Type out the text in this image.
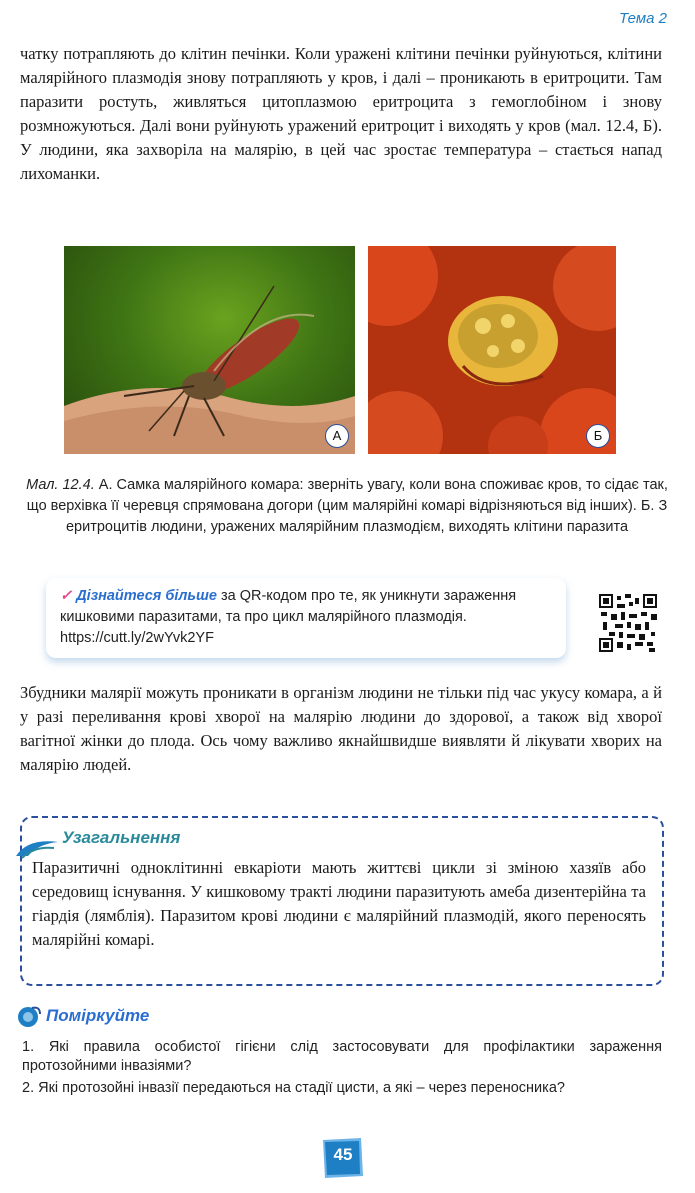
Тема 2
чатку потрапляють до клітин печінки. Коли уражені клітини печінки руйнуються, клітини малярійного плазмодія знову потрапляють у кров, і далі – проникають в еритроцити. Там паразити ростуть, живляться цитоплазмою еритроцита з гемоглобіном і знову розмножуються. Далі вони руйнують уражений еритроцит і виходять у кров (мал. 12.4, Б). У людини, яка захворіла на малярію, в цей час зростає температура – стається напад лихоманки.
А	Б
Мал. 12.4. А. Самка малярійного комара: зверніть увагу, коли вона споживає кров, то сідає так, що верхівка її черевця спрямована догори (цим малярійні комарі відрізняються від інших). Б. З еритроцитів людини, уражених малярійним плазмодієм, виходять клітини паразита
✓ Дізнайтеся більше за QR-кодом про те, як уникнути зараження кишковими паразитами, та про цикл малярійного плазмодія. https://cutt.ly/2wYvk2YF
Збудники малярії можуть проникати в організм людини не тільки під час укусу комара, а й у разі переливання крові хворої на малярію людини до здорової, а також від хворої вагітної жінки до плода. Ось чому важливо якнайшвидше виявляти й лікувати хворих на малярію людей.
Узагальнення
Паразитичні одноклітинні евкаріоти мають життєві цикли зі зміною хазяїв або середовищ існування. У кишковому тракті людини паразитують амеба дизентерійна та гіардія (лямблія). Паразитом крові людини є малярійний плазмодій, якого переносять малярійні комарі.
Поміркуйте
1. Які правила особистої гігієни слід застосовувати для профілактики зараження протозойними інвазіями?
2. Які протозойні інвазії передаються на стадії цисти, а які – через переносника?
45
